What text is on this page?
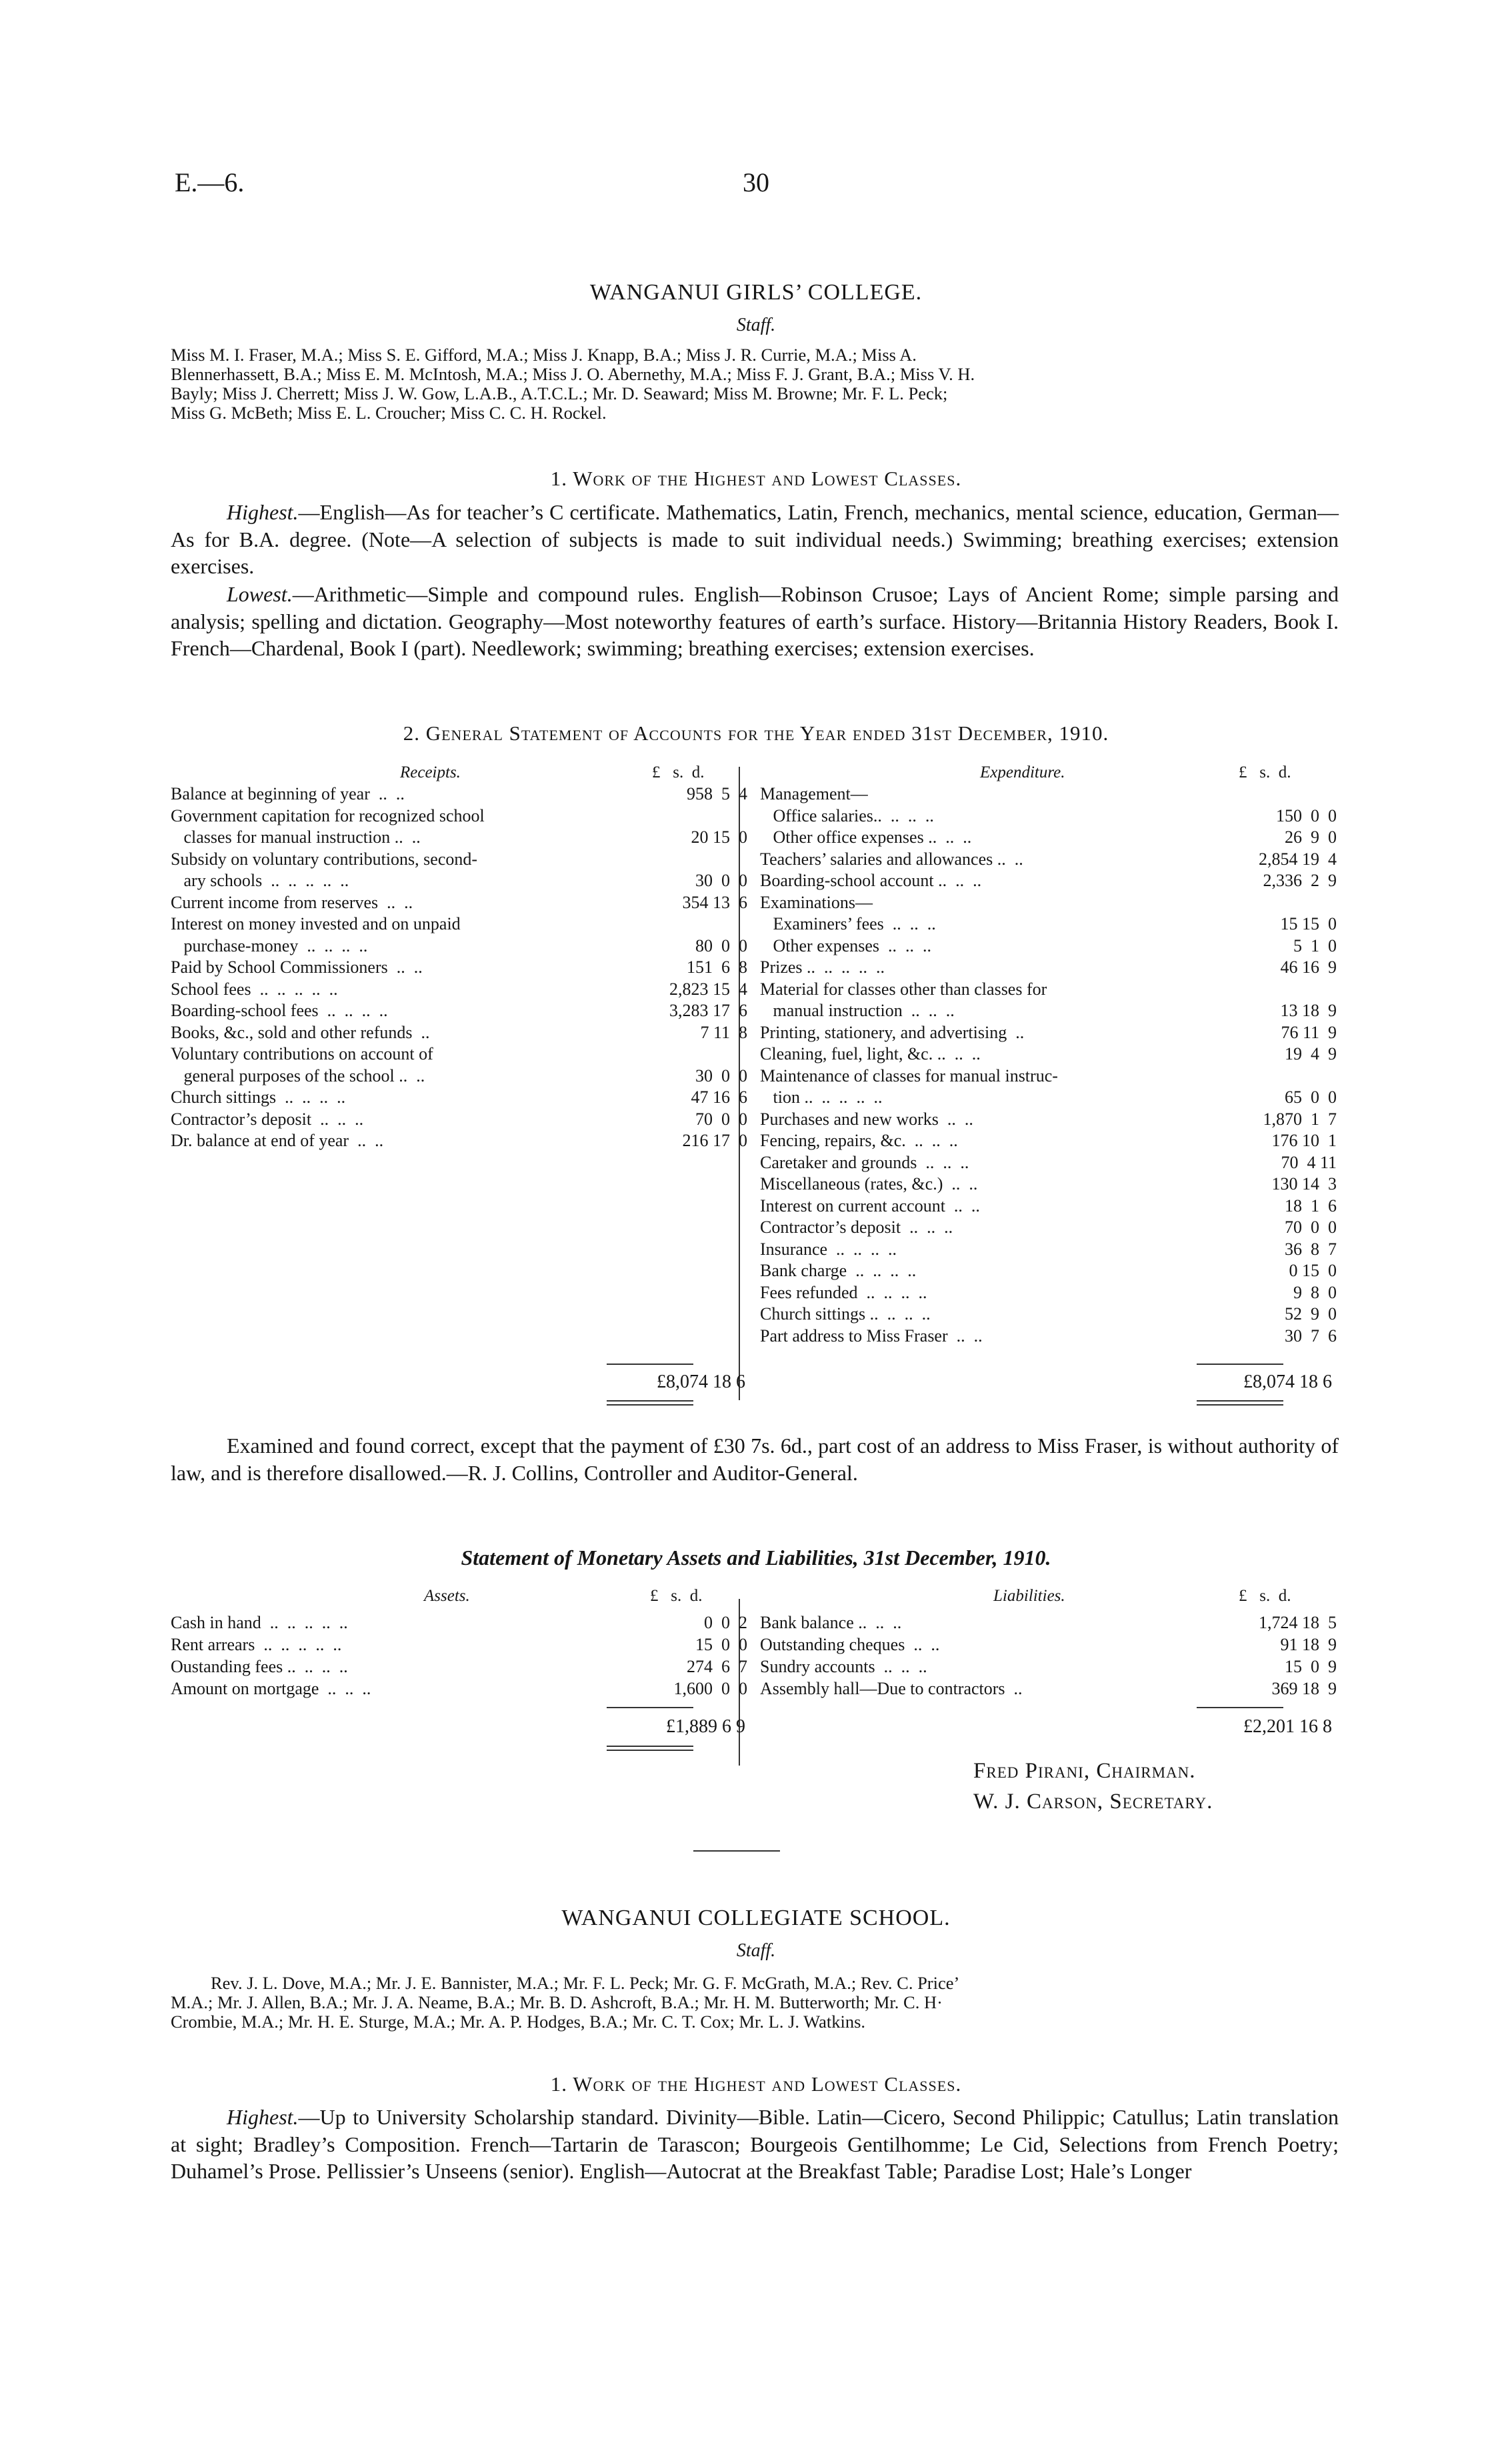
E.—6.	30
WANGANUI GIRLS’ COLLEGE.
Staff.
Miss M. I. Fraser, M.A.; Miss S. E. Gifford, M.A.; Miss J. Knapp, B.A.; Miss J. R. Currie, M.A.; Miss A.
Blennerhassett, B.A.; Miss E. M. McIntosh, M.A.; Miss J. O. Abernethy, M.A.; Miss F. J. Grant, B.A.; Miss V. H.
Bayly; Miss J. Cherrett; Miss J. W. Gow, L.A.B., A.T.C.L.; Mr. D. Seaward; Miss M. Browne; Mr. F. L. Peck;
Miss G. McBeth; Miss E. L. Croucher; Miss C. C. H. Rockel.
1. Work of the Highest and Lowest Classes.
Highest.—English—As for teacher’s C certificate. Mathematics, Latin, French, mechanics, mental science, education, German—As for B.A. degree. (Note—A selection of subjects is made to suit individual needs.) Swimming; breathing exercises; extension exercises.
Lowest.—Arithmetic—Simple and compound rules. English—Robinson Crusoe; Lays of Ancient Rome; simple parsing and analysis; spelling and dictation. Geography—Most noteworthy features of earth’s surface. History—Britannia History Readers, Book I. French—Chardenal, Book I (part). Needlework; swimming; breathing exercises; extension exercises.
2. General Statement of Accounts for the Year ended 31st December, 1910.
Receipts.	Expenditure.
£ s. d.	£ s. d.
Balance at beginning of year  ..  ..	958  5  4
Government capitation for recognized school
classes for manual instruction ..  ..	20 15  0
Subsidy on voluntary contributions, second-
ary schools  ..  ..  ..  ..  ..	30  0  0
Current income from reserves  ..  ..	354 13  6
Interest on money invested and on unpaid
purchase-money  ..  ..  ..  ..	80  0  0
Paid by School Commissioners  ..  ..	151  6  8
School fees  ..  ..  ..  ..  ..	2,823 15  4
Boarding-school fees  ..  ..  ..  ..	3,283 17  6
Books, &c., sold and other refunds  ..	7 11  8
Voluntary contributions on account of
general purposes of the school ..  ..	30  0  0
Church sittings  ..  ..  ..  ..	47 16  6
Contractor’s deposit  ..  ..  ..	70  0  0
Dr. balance at end of year  ..  ..	216 17  0
Management—
Office salaries..  ..  ..  ..	150  0  0
Other office expenses ..  ..  ..	26  9  0
Teachers’ salaries and allowances ..  ..	2,854 19  4
Boarding-school account ..  ..  ..	2,336  2  9
Examinations—
Examiners’ fees  ..  ..  ..	15 15  0
Other expenses  ..  ..  ..	5  1  0
Prizes ..  ..  ..  ..  ..	46 16  9
Material for classes other than classes for
manual instruction  ..  ..  ..	13 18  9
Printing, stationery, and advertising  ..	76 11  9
Cleaning, fuel, light, &c. ..  ..  ..	19  4  9
Maintenance of classes for manual instruc-
tion ..  ..  ..  ..  ..	65  0  0
Purchases and new works  ..  ..	1,870  1  7
Fencing, repairs, &c.  ..  ..  ..	176 10  1
Caretaker and grounds  ..  ..  ..	70  4 11
Miscellaneous (rates, &c.)  ..  ..	130 14  3
Interest on current account  ..  ..	18  1  6
Contractor’s deposit  ..  ..  ..	70  0  0
Insurance  ..  ..  ..  ..	36  8  7
Bank charge  ..  ..  ..  ..	0 15  0
Fees refunded  ..  ..  ..  ..	9  8  0
Church sittings ..  ..  ..  ..	52  9  0
Part address to Miss Fraser  ..  ..	30  7  6
£8,074 18 6	£8,074 18 6
Examined and found correct, except that the payment of £30 7s. 6d., part cost of an address to Miss Fraser, is without authority of law, and is therefore disallowed.—R. J. Collins, Controller and Auditor-General.
Statement of Monetary Assets and Liabilities, 31st December, 1910.
Assets.	Liabilities.
£ s. d.	£ s. d.
Cash in hand  ..  ..  ..  ..  ..	0  0  2
Rent arrears  ..  ..  ..  ..  ..	15  0  0
Oustanding fees ..  ..  ..  ..	274  6  7
Amount on mortgage  ..  ..  ..	1,600  0  0
Bank balance ..  ..  ..	1,724 18  5
Outstanding cheques  ..  ..	91 18  9
Sundry accounts  ..  ..  ..	15  0  9
Assembly hall—Due to contractors  ..	369 18  9
£1,889 6 9	£2,201 16 8
Fred Pirani, Chairman.
W. J. Carson, Secretary.
WANGANUI COLLEGIATE SCHOOL.
Staff.
Rev. J. L. Dove, M.A.; Mr. J. E. Bannister, M.A.; Mr. F. L. Peck; Mr. G. F. McGrath, M.A.; Rev. C. Price’
M.A.; Mr. J. Allen, B.A.; Mr. J. A. Neame, B.A.; Mr. B. D. Ashcroft, B.A.; Mr. H. M. Butterworth; Mr. C. H·
Crombie, M.A.; Mr. H. E. Sturge, M.A.; Mr. A. P. Hodges, B.A.; Mr. C. T. Cox; Mr. L. J. Watkins.
1. Work of the Highest and Lowest Classes.
Highest.—Up to University Scholarship standard. Divinity—Bible. Latin—Cicero, Second Philippic; Catullus; Latin translation at sight; Bradley’s Composition. French—Tartarin de Tarascon; Bourgeois Gentilhomme; Le Cid, Selections from French Poetry; Duhamel’s Prose. Pellissier’s Unseens (senior). English—Autocrat at the Breakfast Table; Paradise Lost; Hale’s Longer
